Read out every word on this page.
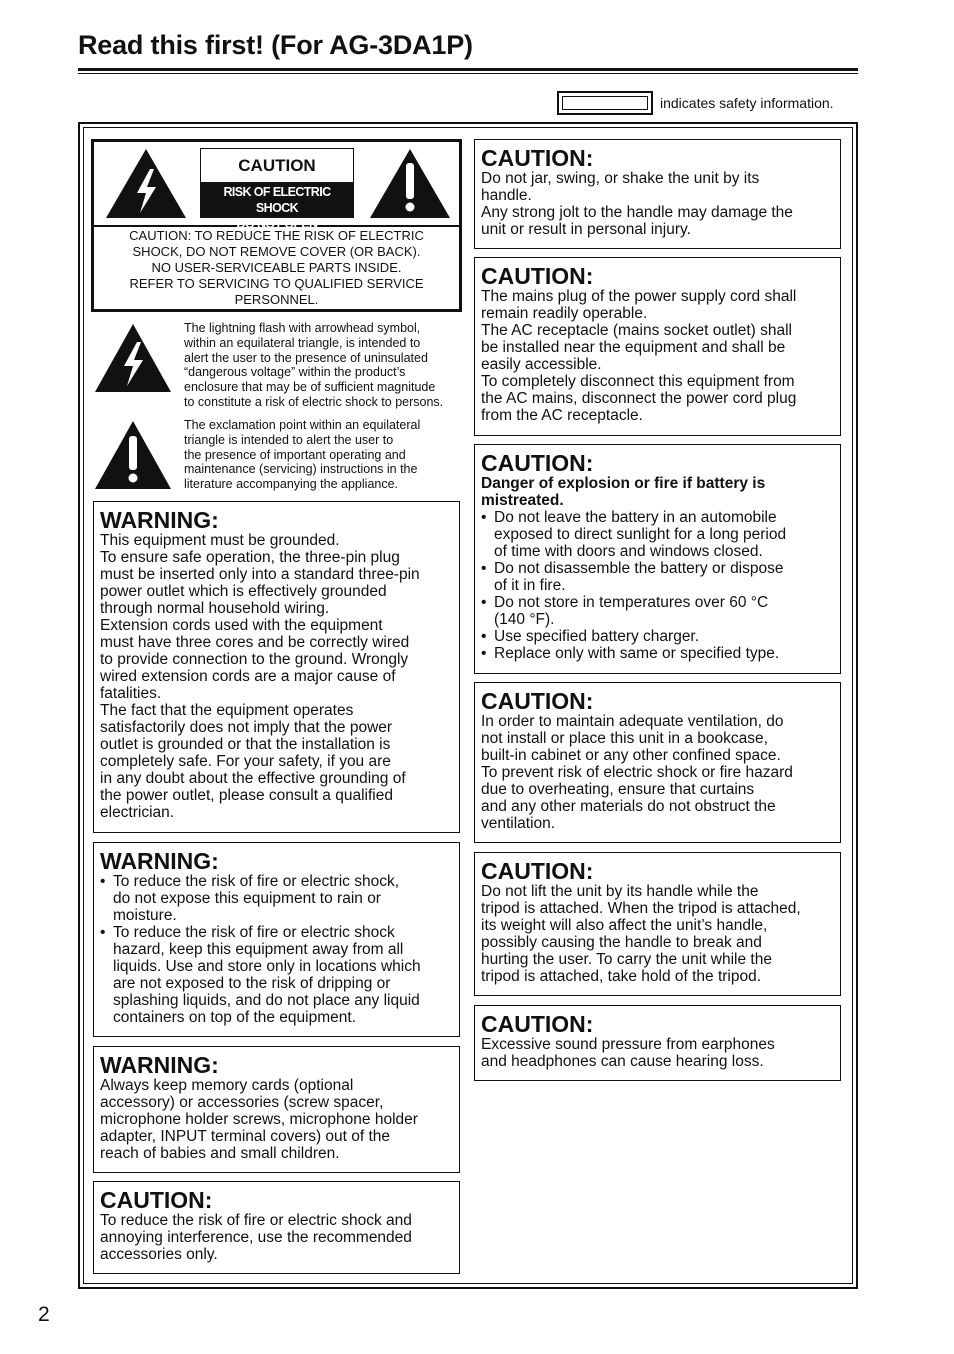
Read this first! (For AG-3DA1P)
indicates safety information.
CAUTION
RISK OF ELECTRIC SHOCK
DO NOT OPEN
CAUTION: TO REDUCE THE RISK OF ELECTRIC
SHOCK, DO NOT REMOVE COVER (OR BACK).
NO USER-SERVICEABLE PARTS INSIDE.
REFER TO SERVICING TO QUALIFIED SERVICE
PERSONNEL.
The lightning flash with arrowhead symbol,
within an equilateral triangle, is intended to
alert the user to the presence of uninsulated
“dangerous voltage” within the product’s
enclosure that may be of sufficient magnitude
to constitute a risk of electric shock to persons.
The exclamation point within an equilateral
triangle is intended to alert the user to
the presence of important operating and
maintenance (servicing) instructions in the
literature accompanying the appliance.
WARNING:

This equipment must be grounded.

To ensure safe operation, the three-pin plug

must be inserted only into a standard three-pin

power outlet which is effectively grounded

through normal household wiring.

Extension cords used with the equipment

must have three cores and be correctly wired

to provide connection to the ground. Wrongly

wired extension cords are a major cause of

fatalities.

The fact that the equipment operates

satisfactorily does not imply that the power

outlet is grounded or that the installation is

completely safe. For your safety, if you are

in any doubt about the effective grounding of

the power outlet, please consult a qualified

electrician.

WARNING:
• To reduce the risk of fire or electric shock,
do not expose this equipment to rain or
moisture.
• To reduce the risk of fire or electric shock
hazard, keep this equipment away from all
liquids. Use and store only in locations which
are not exposed to the risk of dripping or
splashing liquids, and do not place any liquid
containers on top of the equipment.
WARNING:

Always keep memory cards (optional

accessory) or accessories (screw spacer,

microphone holder screws, microphone holder

adapter, INPUT terminal covers) out of the

reach of babies and small children.

CAUTION:

To reduce the risk of fire or electric shock and

annoying interference, use the recommended

accessories only.

CAUTION:

Do not jar, swing, or shake the unit by its

handle.

Any strong jolt to the handle may damage the

unit or result in personal injury.

CAUTION:

The mains plug of the power supply cord shall

remain readily operable.

The AC receptacle (mains socket outlet) shall

be installed near the equipment and shall be

easily accessible.

To completely disconnect this equipment from

the AC mains, disconnect the power cord plug

from the AC receptacle.

CAUTION:

Danger of explosion or fire if battery is

mistreated.

• Do not leave the battery in an automobile
exposed to direct sunlight for a long period
of time with doors and windows closed.
• Do not disassemble the battery or dispose
of it in fire.
• Do not store in temperatures over 60 °C
(140 °F).
• Use specified battery charger.
• Replace only with same or specified type.
CAUTION:

In order to maintain adequate ventilation, do

not install or place this unit in a bookcase,

built-in cabinet or any other confined space.

To prevent risk of electric shock or fire hazard

due to overheating, ensure that curtains

and any other materials do not obstruct the

ventilation.

CAUTION:

Do not lift the unit by its handle while the

tripod is attached. When the tripod is attached,

its weight will also affect the unit’s handle,

possibly causing the handle to break and

hurting the user. To carry the unit while the

tripod is attached, take hold of the tripod.

CAUTION:

Excessive sound pressure from earphones

and headphones can cause hearing loss.

2
